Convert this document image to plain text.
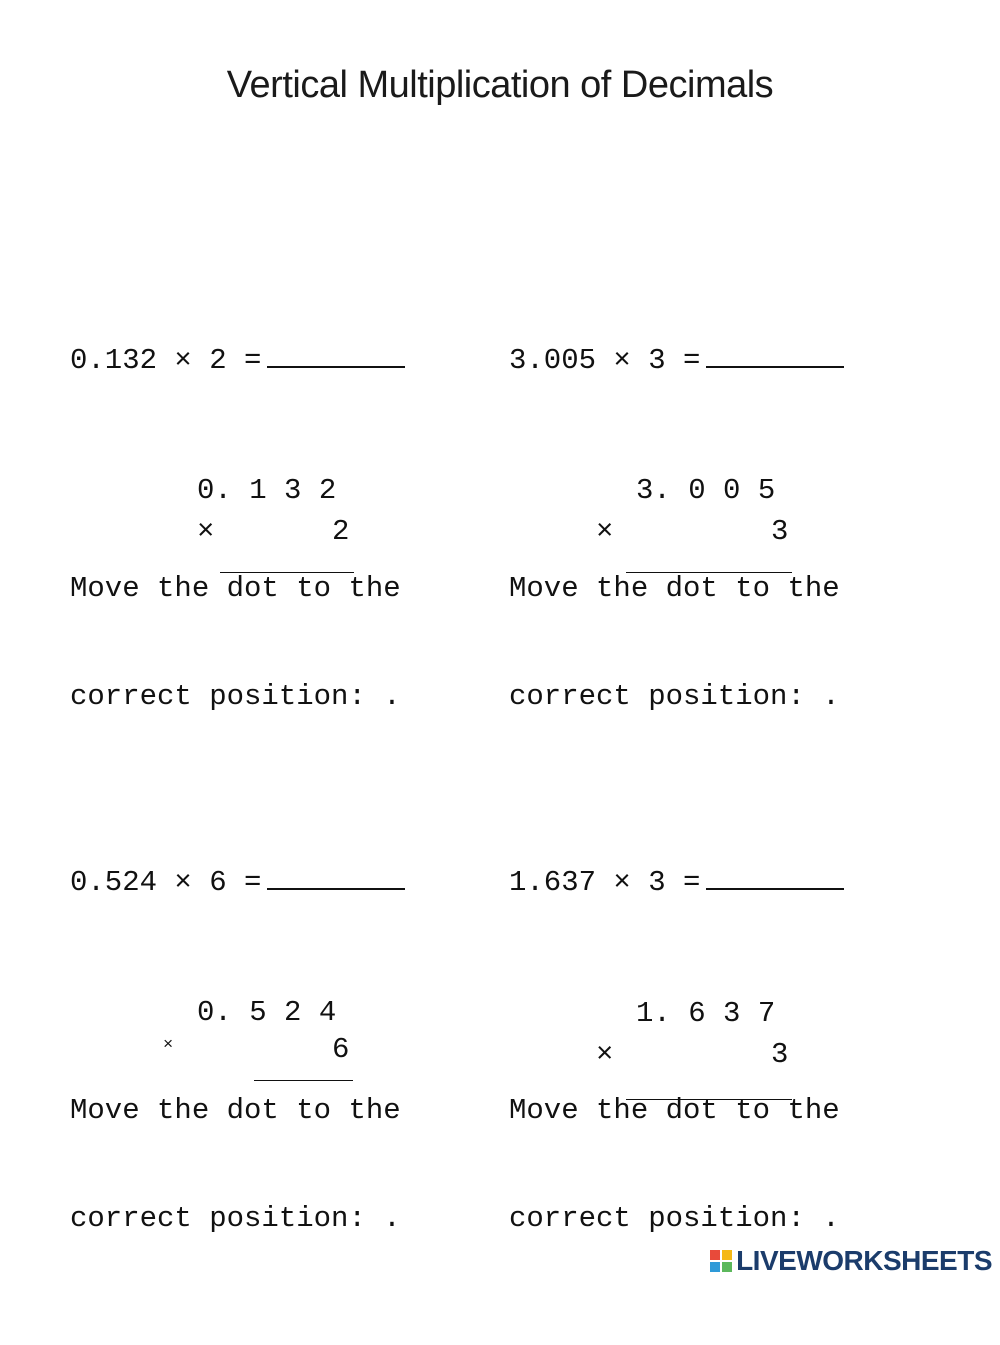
Vertical Multiplication of Decimals

0.132 × 2 =

Move the dot to the

correct position: .

3.005 × 3 =

Move the dot to the

correct position: .

0.524 × 6 =

Move the dot to the

correct position: .

1.637 × 3 =

Move the dot to the

correct position: .

0. 1 3 2

×

	2

3. 0 0 5

×

	3

0. 5 2 4

×

	6

1. 6 3 7

×

	3

LIVEWORKSHEETS
